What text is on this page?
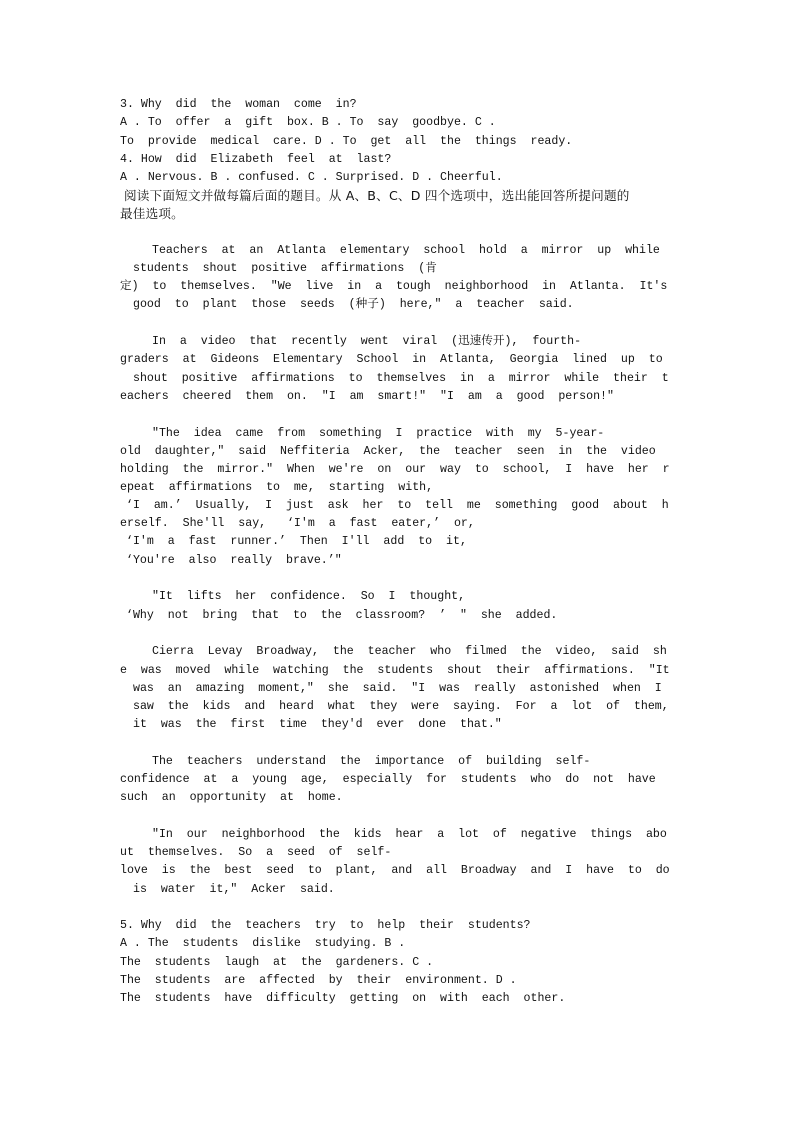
3. Why  did  the  woman  come  in?
A . To  offer  a  gift  box. B . To  say  goodbye. C .
To  provide  medical  care. D . To  get  all  the  things  ready.
4. How  did  Elizabeth  feel  at  last?
A . Nervous. B . confused. C . Surprised. D . Cheerful.
阅读下面短文并做每篇后面的题目。从 A、B、C、D 四个选项中，选出能回答所提问题的
最佳选项。
Teachers  at  an  Atlanta  elementary  school  hold  a  mirror  up  while
students  shout  positive  affirmations  (肯
定)  to  themselves.  "We  live  in  a  tough  neighborhood  in  Atlanta.  It's
good  to  plant  those  seeds  (种子)  here,"  a  teacher  said.
In  a  video  that  recently  went  viral  (迅速传开),  fourth-
graders  at  Gideons  Elementary  School  in  Atlanta,  Georgia  lined  up  to
shout  positive  affirmations  to  themselves  in  a  mirror  while  their  t
eachers  cheered  them  on.  "I  am  smart!"  "I  am  a  good  person!"
"The  idea  came  from  something  I  practice  with  my  5-year-
old  daughter,"  said  Neffiteria  Acker,  the  teacher  seen  in  the  video
holding  the  mirror."  When  we're  on  our  way  to  school,  I  have  her  r
epeat  affirmations  to  me,  starting  with,
‘I  am.’  Usually,  I  just  ask  her  to  tell  me  something  good  about  h
erself.  She'll  say,   ‘I'm  a  fast  eater,’  or,
‘I'm  a  fast  runner.’  Then  I'll  add  to  it,
‘You're  also  really  brave.’"
"It  lifts  her  confidence.  So  I  thought,
‘Why  not  bring  that  to  the  classroom?  ’  "  she  added.
Cierra  Levay  Broadway,  the  teacher  who  filmed  the  video,  said  sh
e  was  moved  while  watching  the  students  shout  their  affirmations.  "It
was  an  amazing  moment,"  she  said.  "I  was  really  astonished  when  I
saw  the  kids  and  heard  what  they  were  saying.  For  a  lot  of  them,
it  was  the  first  time  they'd  ever  done  that."
The  teachers  understand  the  importance  of  building  self-
confidence  at  a  young  age,  especially  for  students  who  do  not  have
such  an  opportunity  at  home.
"In  our  neighborhood  the  kids  hear  a  lot  of  negative  things  abo
ut  themselves.  So  a  seed  of  self-
love  is  the  best  seed  to  plant,  and  all  Broadway  and  I  have  to  do
is  water  it,"  Acker  said.
5. Why  did  the  teachers  try  to  help  their  students?
A . The  students  dislike  studying. B .
The  students  laugh  at  the  gardeners. C .
The  students  are  affected  by  their  environment. D .
The  students  have  difficulty  getting  on  with  each  other.
